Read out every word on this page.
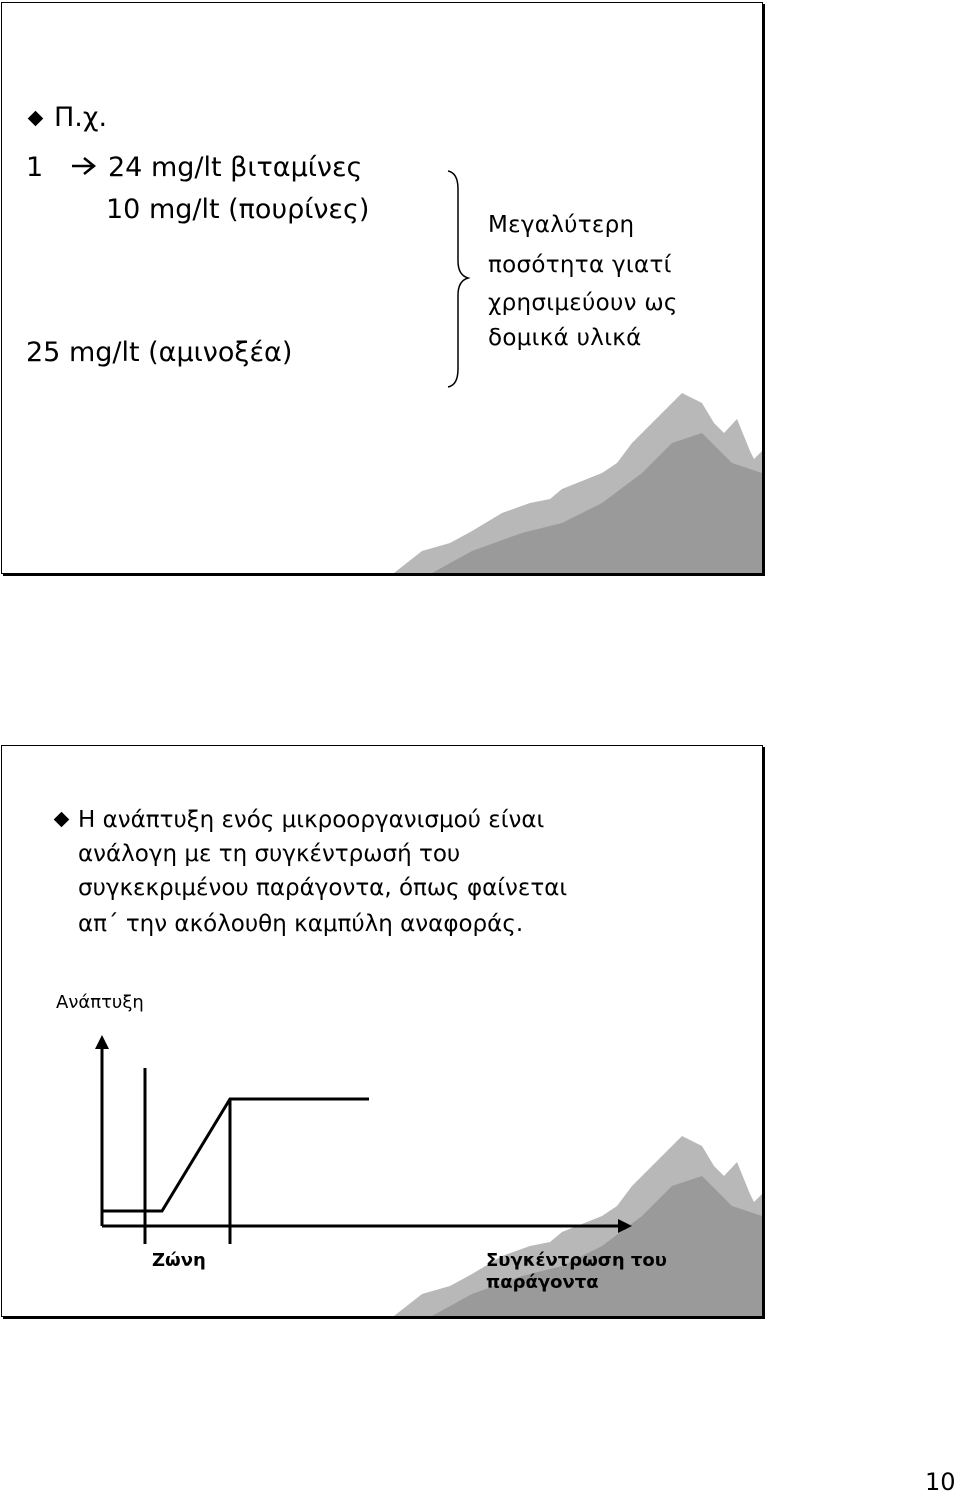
Π.χ.
1 24 mg/lt βιταμίνες
10 mg/lt (πουρίνες)
25 mg/lt (αμινοξέα)
Μεγαλύτερη
ποσότητα γιατί
χρησιμεύουν ως
δομικά υλικά
Η ανάπτυξη ενός μικροοργανισμού είναι
ανάλογη με τη συγκέντρωσή του
συγκεκριμένου παράγοντα, όπως φαίνεται
απ΄ την ακόλουθη καμπύλη αναφοράς.
Ανάπτυξη
Ζώνη	Συγκέντρωση του
παράγοντα
10
